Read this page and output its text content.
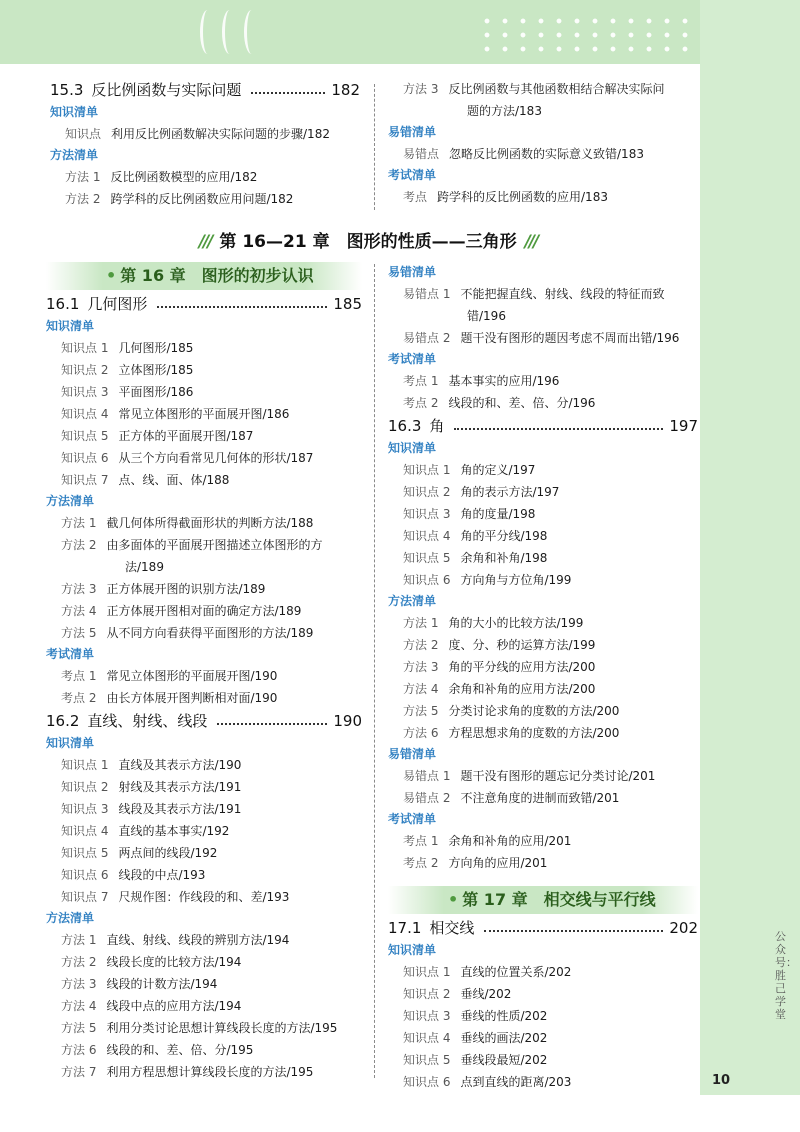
15.3 反比例函数与实际问题	182
知识清单
知识点 利用反比例函数解决实际问题的步骤/182
方法清单
方法 1 反比例函数模型的应用/182
方法 2 跨学科的反比例函数应用问题/182
方法 3 反比例函数与其他函数相结合解决实际问
题的方法/183
易错清单
易错点 忽略反比例函数的实际意义致错/183
考试清单
考点 跨学科的反比例函数的应用/183
/// 第 16—21 章　图形的性质——三角形 ///
• 第 16 章　图形的初步认识
16.1 几何图形	185
知识清单
知识点 1 几何图形/185
知识点 2 立体图形/185
知识点 3 平面图形/186
知识点 4 常见立体图形的平面展开图/186
知识点 5 正方体的平面展开图/187
知识点 6 从三个方向看常见几何体的形状/187
知识点 7 点、线、面、体/188
方法清单
方法 1 截几何体所得截面形状的判断方法/188
方法 2 由多面体的平面展开图描述立体图形的方
法/189
方法 3 正方体展开图的识别方法/189
方法 4 正方体展开图相对面的确定方法/189
方法 5 从不同方向看获得平面图形的方法/189
考试清单
考点 1 常见立体图形的平面展开图/190
考点 2 由长方体展开图判断相对面/190
16.2 直线、射线、线段	190
知识清单
知识点 1 直线及其表示方法/190
知识点 2 射线及其表示方法/191
知识点 3 线段及其表示方法/191
知识点 4 直线的基本事实/192
知识点 5 两点间的线段/192
知识点 6 线段的中点/193
知识点 7 尺规作图：作线段的和、差/193
方法清单
方法 1 直线、射线、线段的辨别方法/194
方法 2 线段长度的比较方法/194
方法 3 线段的计数方法/194
方法 4 线段中点的应用方法/194
方法 5 利用分类讨论思想计算线段长度的方法/195
方法 6 线段的和、差、倍、分/195
方法 7 利用方程思想计算线段长度的方法/195
易错清单
易错点 1 不能把握直线、射线、线段的特征而致
错/196
易错点 2 题干没有图形的题因考虑不周而出错/196
考试清单
考点 1 基本事实的应用/196
考点 2 线段的和、差、倍、分/196
16.3 角	197
知识清单
知识点 1 角的定义/197
知识点 2 角的表示方法/197
知识点 3 角的度量/198
知识点 4 角的平分线/198
知识点 5 余角和补角/198
知识点 6 方向角与方位角/199
方法清单
方法 1 角的大小的比较方法/199
方法 2 度、分、秒的运算方法/199
方法 3 角的平分线的应用方法/200
方法 4 余角和补角的应用方法/200
方法 5 分类讨论求角的度数的方法/200
方法 6 方程思想求角的度数的方法/200
易错清单
易错点 1 题干没有图形的题忘记分类讨论/201
易错点 2 不注意角度的进制而致错/201
考试清单
考点 1 余角和补角的应用/201
考点 2 方向角的应用/201
• 第 17 章　相交线与平行线
17.1 相交线	202
知识清单
知识点 1 直线的位置关系/202
知识点 2 垂线/202
知识点 3 垂线的性质/202
知识点 4 垂线的画法/202
知识点 5 垂线段最短/202
知识点 6 点到直线的距离/203
公众号：胜己学堂
10
